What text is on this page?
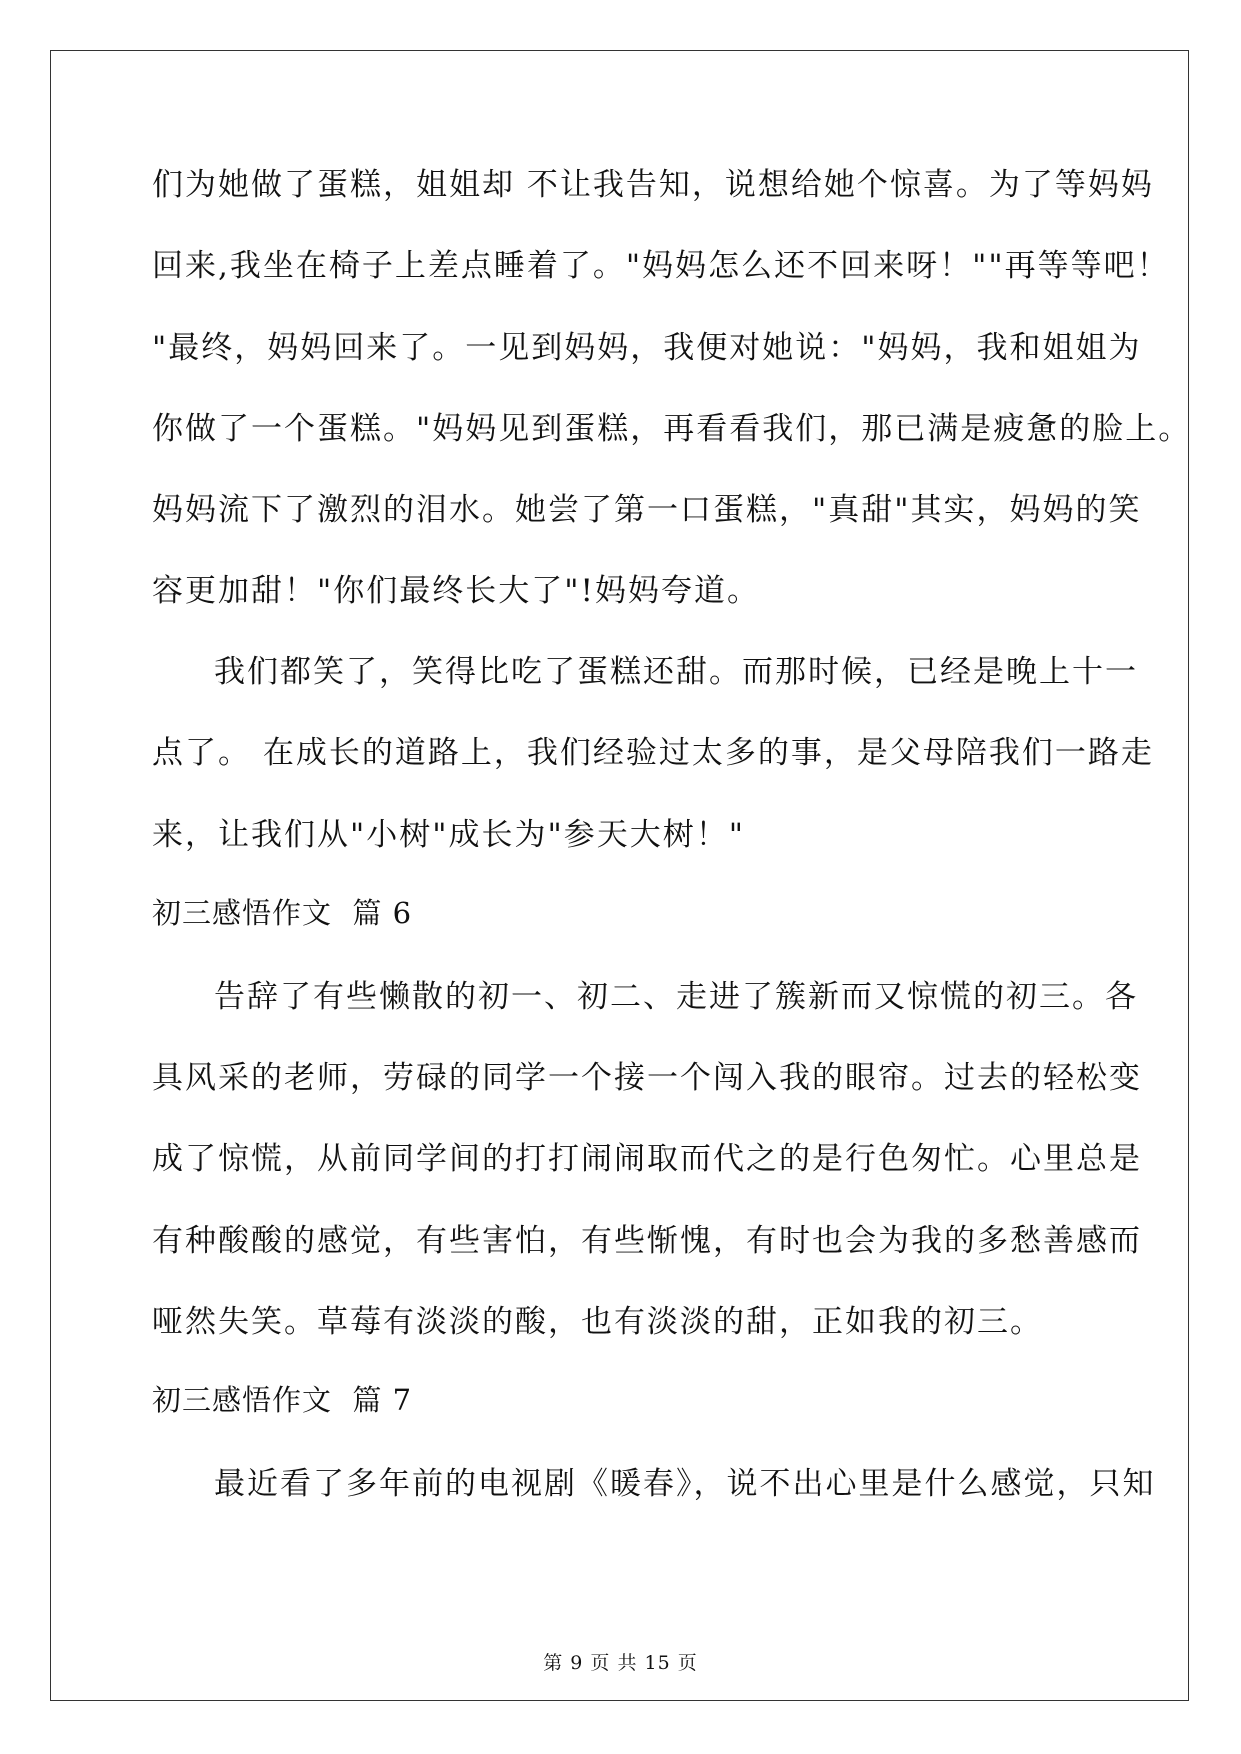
们为她做了蛋糕，姐姐却 不让我告知，说想给她个惊喜。为了等妈妈
回来,我坐在椅子上差点睡着了。"妈妈怎么还不回来呀！""再等等吧！
"最终，妈妈回来了。一见到妈妈，我便对她说："妈妈，我和姐姐为
你做了一个蛋糕。"妈妈见到蛋糕，再看看我们，那已满是疲惫的脸上。
妈妈流下了激烈的泪水。她尝了第一口蛋糕，"真甜"其实，妈妈的笑
容更加甜！"你们最终长大了"!妈妈夸道。
我们都笑了，笑得比吃了蛋糕还甜。而那时候，已经是晚上十一
点了。 在成长的道路上，我们经验过太多的事，是父母陪我们一路走
来，让我们从"小树"成长为"参天大树！"
初三感悟作文  篇 6
告辞了有些懒散的初一、初二、走进了簇新而又惊慌的初三。各
具风采的老师，劳碌的同学一个接一个闯入我的眼帘。过去的轻松变
成了惊慌，从前同学间的打打闹闹取而代之的是行色匆忙。心里总是
有种酸酸的感觉，有些害怕，有些惭愧，有时也会为我的多愁善感而
哑然失笑。草莓有淡淡的酸，也有淡淡的甜，正如我的初三。
初三感悟作文  篇 7
最近看了多年前的电视剧《暖春》，说不出心里是什么感觉，只知
第 9 页 共 15 页
